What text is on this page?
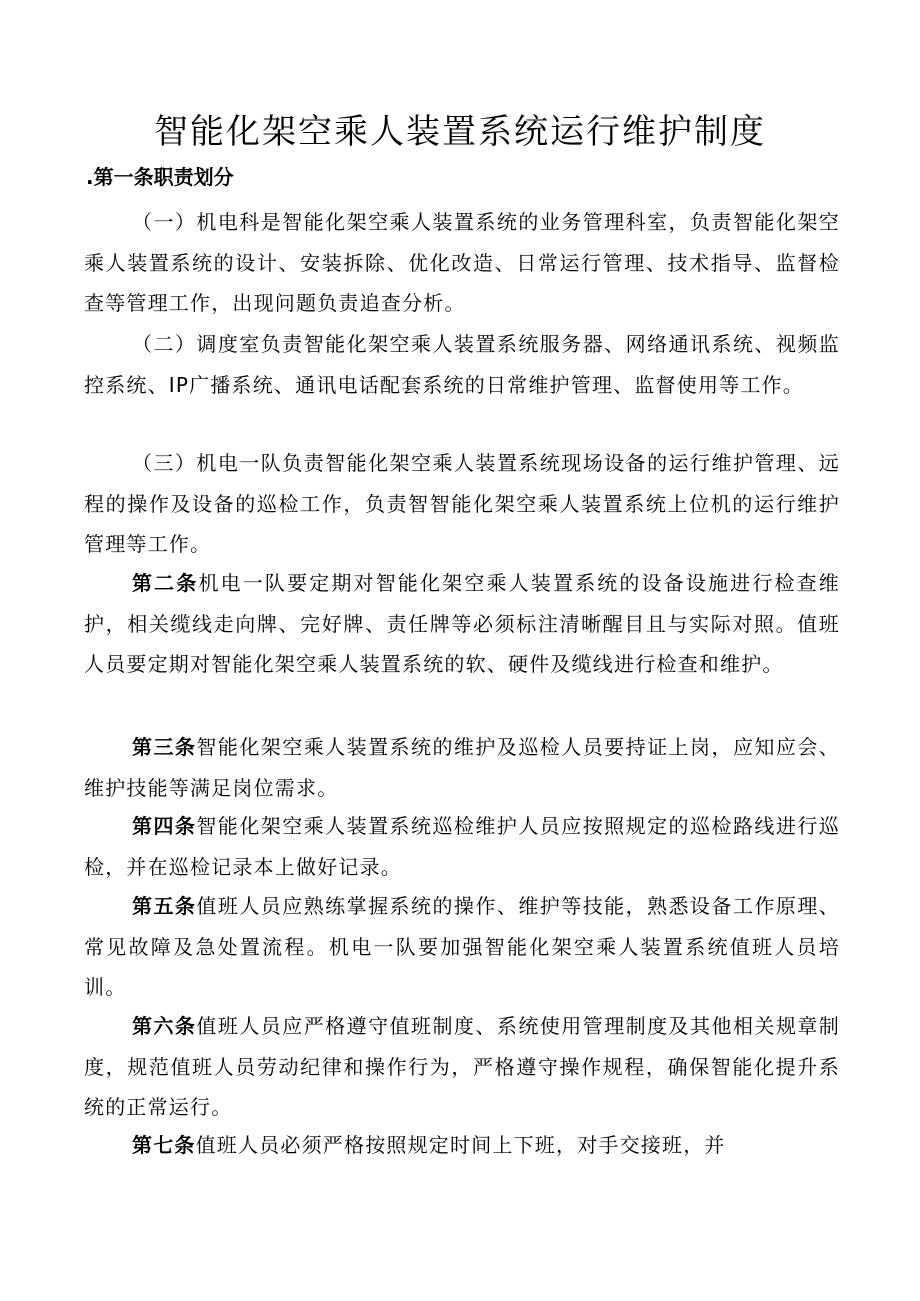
智能化架空乘人装置系统运行维护制度
.第一条职责划分

（一）机电科是智能化架空乘人装置系统的业务管理科室，负责智能化架空乘人装置系统的设计、安装拆除、优化改造、日常运行管理、技术指导、监督检查等管理工作，出现问题负责追查分析。

（二）调度室负责智能化架空乘人装置系统服务器、网络通讯系统、视频监控系统、IP广播系统、通讯电话配套系统的日常维护管理、监督使用等工作。

（三）机电一队负责智能化架空乘人装置系统现场设备的运行维护管理、远程的操作及设备的巡检工作，负责智智能化架空乘人装置系统上位机的运行维护管理等工作。

第二条机电一队要定期对智能化架空乘人装置系统的设备设施进行检查维护，相关缆线走向牌、完好牌、责任牌等必须标注清晰醒目且与实际对照。值班人员要定期对智能化架空乘人装置系统的软、硬件及缆线进行检查和维护。

第三条智能化架空乘人装置系统的维护及巡检人员要持证上岗，应知应会、维护技能等满足岗位需求。

第四条智能化架空乘人装置系统巡检维护人员应按照规定的巡检路线进行巡检，并在巡检记录本上做好记录。

第五条值班人员应熟练掌握系统的操作、维护等技能，熟悉设备工作原理、常见故障及急处置流程。机电一队要加强智能化架空乘人装置系统值班人员培训。

第六条值班人员应严格遵守值班制度、系统使用管理制度及其他相关规章制度，规范值班人员劳动纪律和操作行为，严格遵守操作规程，确保智能化提升系统的正常运行。

第七条值班人员必须严格按照规定时间上下班，对手交接班，并
